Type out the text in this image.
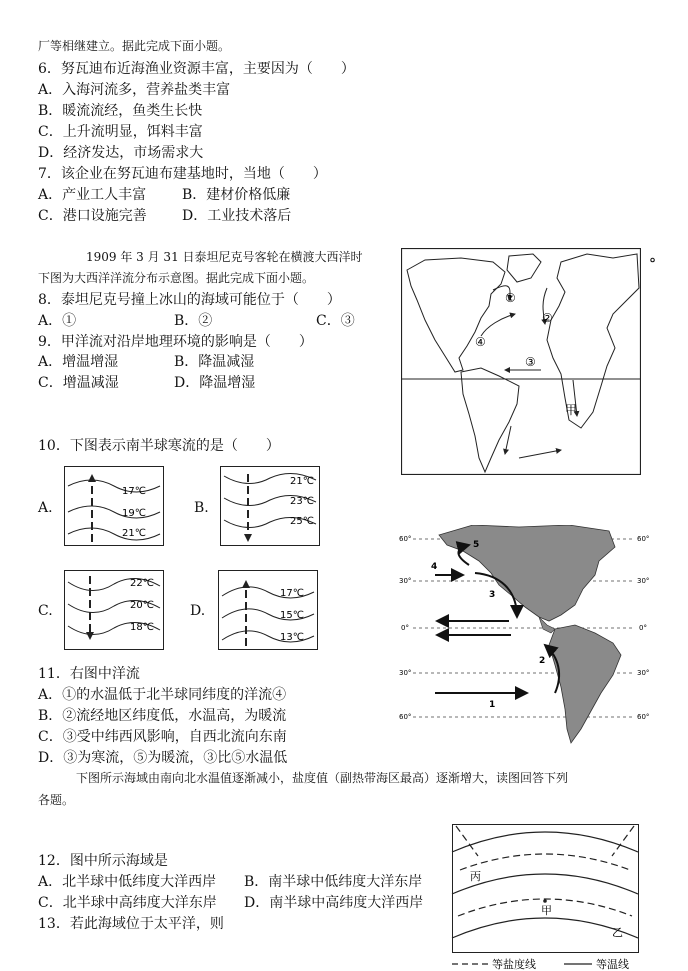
厂等相继建立。据此完成下面小题。
6．努瓦迪布近海渔业资源丰富，主要因为（　　）
A．入海河流多，营养盐类丰富
B．暖流流经，鱼类生长快
C．上升流明显，饵料丰富
D．经济发达，市场需求大
7．该企业在努瓦迪布建基地时，当地（　　）
A．产业工人丰富	B．建材价格低廉
C．港口设施完善	D．工业技术落后
1909 年 3 月 31 日泰坦尼克号客轮在横渡大西洋时	。
下图为大西洋洋流分布示意图。据此完成下面小题。
8．泰坦尼克号撞上冰山的海域可能位于（　　）
A．①	B．②	C．③
9．甲洋流对沿岸地理环境的影响是（　　）
A．增温增湿	B．降温减湿
C．增温减湿	D．降温增湿
①
②
③
④
甲
10．下图表示南半球寒流的是（　　）
A.
17℃
19℃
21℃
B.
21℃
23℃
25℃
C.
22℃
20℃
18℃
D.
17℃
15℃
13℃
1
2
3
4
5
60°
30°
0°
30°
60°
60°
30°
0°
30°
60°
11．右图中洋流
A．①的水温低于北半球同纬度的洋流④
B．②流经地区纬度低，水温高，为暖流
C．③受中纬西风影响，自西北流向东南
D．③为寒流，⑤为暖流，③比⑤水温低
下图所示海域由南向北水温值逐渐减小，盐度值（副热带海区最高）逐渐增大，读图回答下列
各题。
12．图中所示海域是
A．北半球中低纬度大洋西岸 B．南半球中低纬度大洋东岸
C．北半球中高纬度大洋东岸 D．南半球中高纬度大洋西岸
13．若此海域位于太平洋，则
丙
甲
乙
等盐度线	等温线
